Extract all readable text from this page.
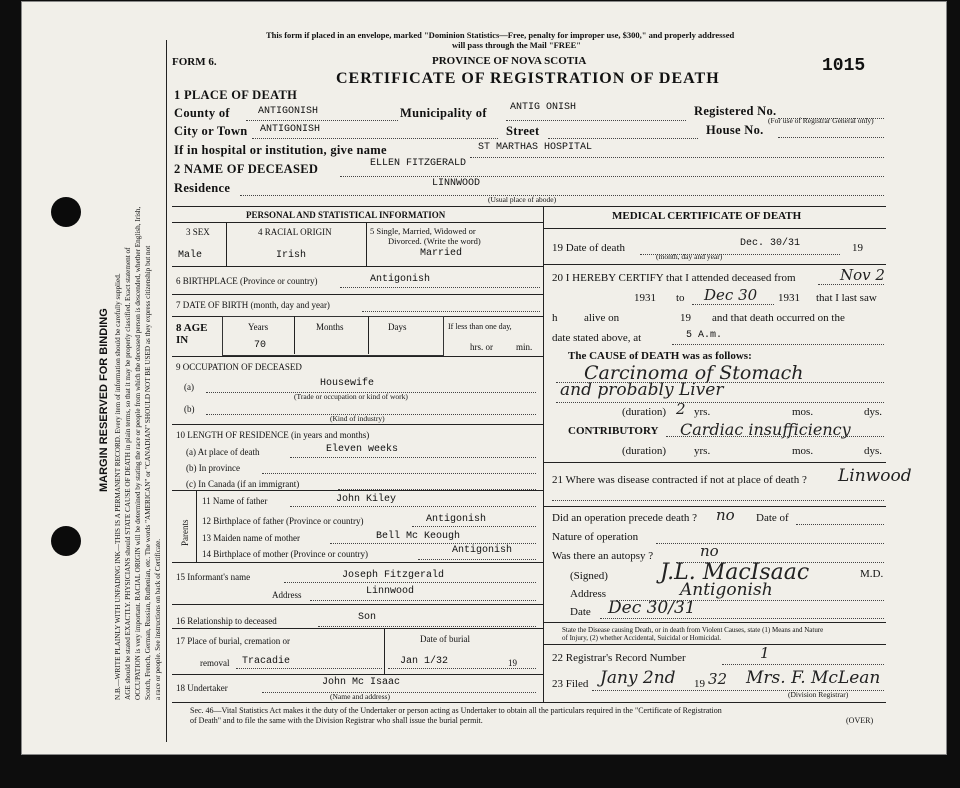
MARGIN RESERVED FOR BINDING N.B.—WRITE PLAINLY WITH UNFADING INK—THIS IS A PERMANENT RECORD. Every item of information should be carefully supplied. AGE should be stated EXACTLY. PHYSICIANS should STATE CAUSE OF DEATH in plain terms, so that it may be properly classified. Exact statement of OCCUPATION is very important. RACIAL ORIGIN will be determined by stating the race or people from which the deceased person is descended, whether English, Irish, Scotch, French, German, Russian, Ruthenian, etc. The words "AMERICAN" or "CANADIAN" SHOULD NOT BE USED as they express citizenship but not a race or people. See instructions on back of Certificate.
This form if placed in an envelope, marked "Dominion Statistics—Free, penalty for improper use, $300," and properly addressed
will pass through the Mail "FREE"
FORM 6.	PROVINCE OF NOVA SCOTIA
CERTIFICATE OF REGISTRATION OF DEATH
1015
1 PLACE OF DEATH
County of	ANTIGONISH	Municipality of ANTIG ONISH	Registered No.
(For use of Registrar General only)
City or Town ANTIGONISH	Street	House No.
If in hospital or institution, give name	ST MARTHAS HOSPITAL
2 NAME OF DECEASED	ELLEN FITZGERALD
Residence	LINNWOOD
(Usual place of abode)
PERSONAL AND STATISTICAL INFORMATION
3 SEX
Male
4 RACIAL ORIGIN
Irish
5 Single, Married, Widowed or
Divorced. (Write the word)
Married
6 BIRTHPLACE (Province or country)	Antigonish
7 DATE OF BIRTH (month, day and year)
8 AGE IN
Years
70
Months	Days	If less than one day,
hrs. or	min.
9 OCCUPATION OF DECEASED
(a)	Housewife
(Trade or occupation or kind of work)
(b)
(Kind of industry)
10 LENGTH OF RESIDENCE (in years and months)
(a) At place of death	Eleven weeks
(b) In province
(c) In Canada (if an immigrant)
Parents
11 Name of father	John Kiley
12 Birthplace of father (Province or country)	Antigonish
13 Maiden name of mother	Bell Mc Keough
14 Birthplace of mother (Province or country)	Antigonish
15 Informant's name	Joseph Fitzgerald
Address	Linnwood
16 Relationship to deceased	Son
17 Place of burial, cremation or
removal Tracadie
Date of burial
Jan 1/32	19
18 Undertaker	John Mc Isaac
(Name and address)
MEDICAL CERTIFICATE OF DEATH
19 Date of death	Dec. 30/31	19
(month, day and year)
20 I HEREBY CERTIFY that I attended deceased from	Nov 2
1931 to Dec 30 1931 that I last saw
h alive on	19 and that death occurred on the
date stated above, at	5 A.m.
The CAUSE of DEATH was as follows:
Carcinoma of Stomach
and probably Liver
(duration) 2 yrs.	mos.	dys.
CONTRIBUTORY Cardiac insufficiency
(duration)	yrs.	mos.	dys.
21 Where was disease contracted if not at place of death ? Linwood
Did an operation precede death ? no Date of
Nature of operation
Was there an autopsy ?	no
(Signed) J.L. MacIsaac	M.D.
Address	Antigonish
Date Dec 30/31
State the Disease causing Death, or in death from Violent Causes, state (1) Means and Nature
of Injury, (2) whether Accidental, Suicidal or Homicidal.
22 Registrar's Record Number	1
23 Filed Jany 2nd 19 32 Mrs. F. McLean
(Division Registrar)
Sec. 46—Vital Statistics Act makes it the duty of the Undertaker or person acting as Undertaker to obtain all the particulars required in the "Certificate of Registration
of Death" and to file the same with the Division Registrar who shall issue the burial permit.	(OVER)
